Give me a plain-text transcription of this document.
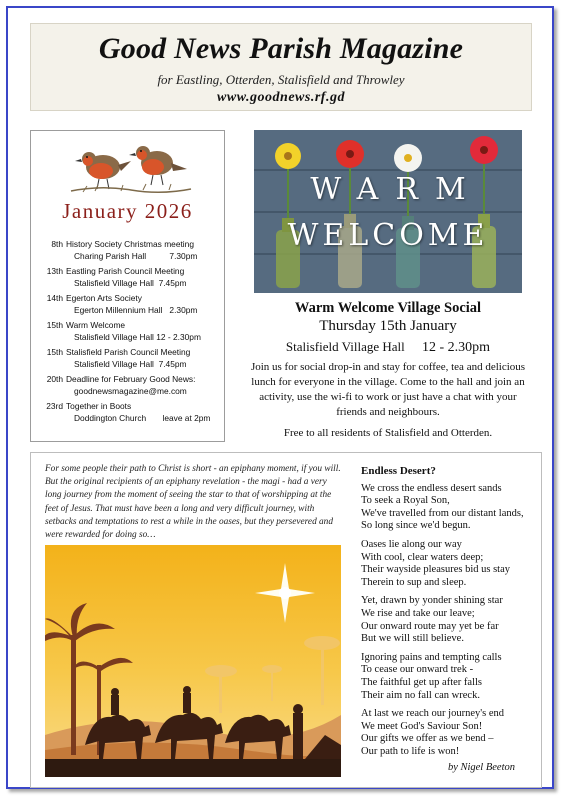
Good News Parish Magazine
for Eastling, Otterden, Stalisfield and Throwley
www.goodnews.rf.gd
January 2026
8th History Society Christmas meeting
Charing Parish Hall          7.30pm
13th Eastling Parish Council Meeting
Stalisfield Village Hall  7.45pm
14th Egerton Arts Society
Egerton Millennium Hall   2.30pm
15th Warm Welcome
Stalisfield Village Hall 12 - 2.30pm
15th Stalisfield Parish Council Meeting
Stalisfield Village Hall  7.45pm
20th Deadline for February Good News:
goodnewsmagazine@me.com
23rd Together in Boots
Doddington Church       leave at 2pm
WARM
WELCOME
Warm Welcome Village Social
Thursday 15th January
Stalisfield Village Hall 12 - 2.30pm
Join us for social drop-in and stay for coffee, tea and delicious lunch for everyone in the village. Come to the hall and join an activity, use the wi-fi to work or just have a chat with your friends and neighbours.
Free to all residents of Stalisfield and Otterden.
For some people their path to Christ is short - an epiphany moment, if you will. But the original recipients of an epiphany revelation - the magi - had a very long journey from the moment of seeing the star to that of worshipping at the feet of Jesus. That must have been a long and very difficult journey, with setbacks and temptations to rest a while in the oases, but they persevered and were rewarded for doing so…
Endless Desert?
We cross the endless desert sands
To seek a Royal Son,
We've travelled from our distant lands,
So long since we'd begun.
Oases lie along our way
With cool, clear waters deep;
Their wayside pleasures bid us stay
Therein to sup and sleep.
Yet, drawn by yonder shining star
We rise and take our leave;
Our onward route may yet be far
But we will still believe.
Ignoring pains and tempting calls
To cease our onward trek -
The faithful get up after falls
Their aim no fall can wreck.
At last we reach our journey's end
We meet God's Saviour Son!
Our gifts we offer as we bend –
Our path to life is won!
by Nigel Beeton
